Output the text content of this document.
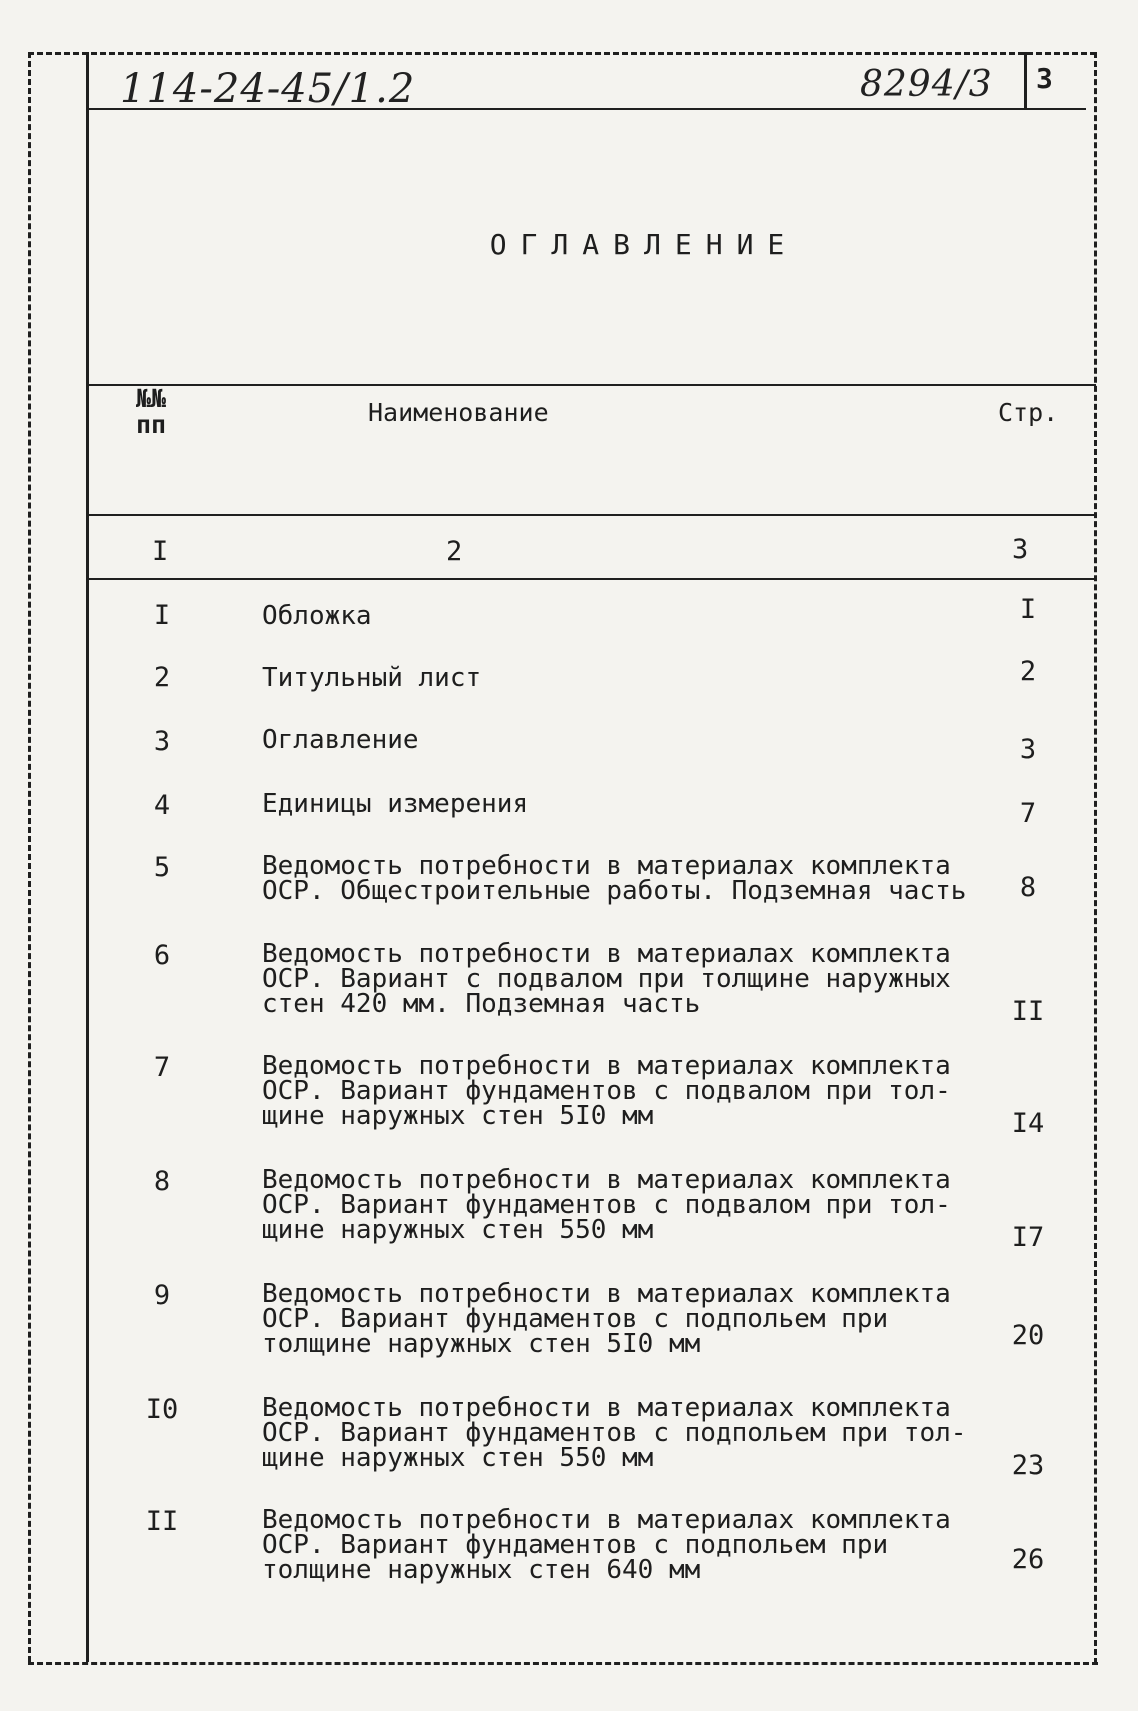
114-24-45/1.2	8294/3 3
ОГЛАВЛЕНИЕ
№№
пп	Наименование	Стр.
I	2	3
I	Обложка	I
2	Титульный лист	2
3	Оглавление	3
4	Единицы измерения	7
5	Ведомость потребности в материалах комплекта
ОСР. Общестроительные работы. Подземная часть	8
6	Ведомость потребности в материалах комплекта
ОСР. Вариант с подвалом при толщине наружных
стен 420 мм. Подземная часть	II
7	Ведомость потребности в материалах комплекта
ОСР. Вариант фундаментов с подвалом при тол-
щине наружных стен 5I0 мм	I4
8	Ведомость потребности в материалах комплекта
ОСР. Вариант фундаментов с подвалом при тол-
щине наружных стен 550 мм	I7
9	Ведомость потребности в материалах комплекта
ОСР. Вариант фундаментов с подпольем при
толщине наружных стен 5I0 мм	20
I0	Ведомость потребности в материалах комплекта
ОСР. Вариант фундаментов с подпольем при тол-
щине наружных стен 550 мм	23
II	Ведомость потребности в материалах комплекта
ОСР. Вариант фундаментов с подпольем при
толщине наружных стен 640 мм	26
